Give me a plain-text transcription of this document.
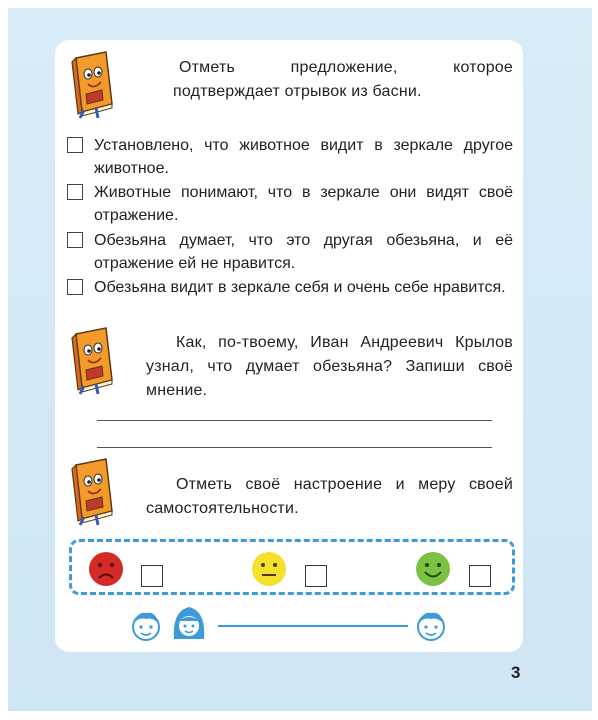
Отметь предложение, которое подтверждает отрывок из басни.

Установлено, что животное видит в зеркале другое животное.
Животные понимают, что в зеркале они видят своё отражение.
Обезьяна думает, что это другая обезьяна, и её отражение ей не нравится.
Обезьяна видит в зеркале себя и очень себе нравится.

Как, по-твоему, Иван Андреевич Крылов узнал, что думает обезьяна? Запиши своё мнение.

Отметь своё настроение и меру своей самостоятельности.

3
